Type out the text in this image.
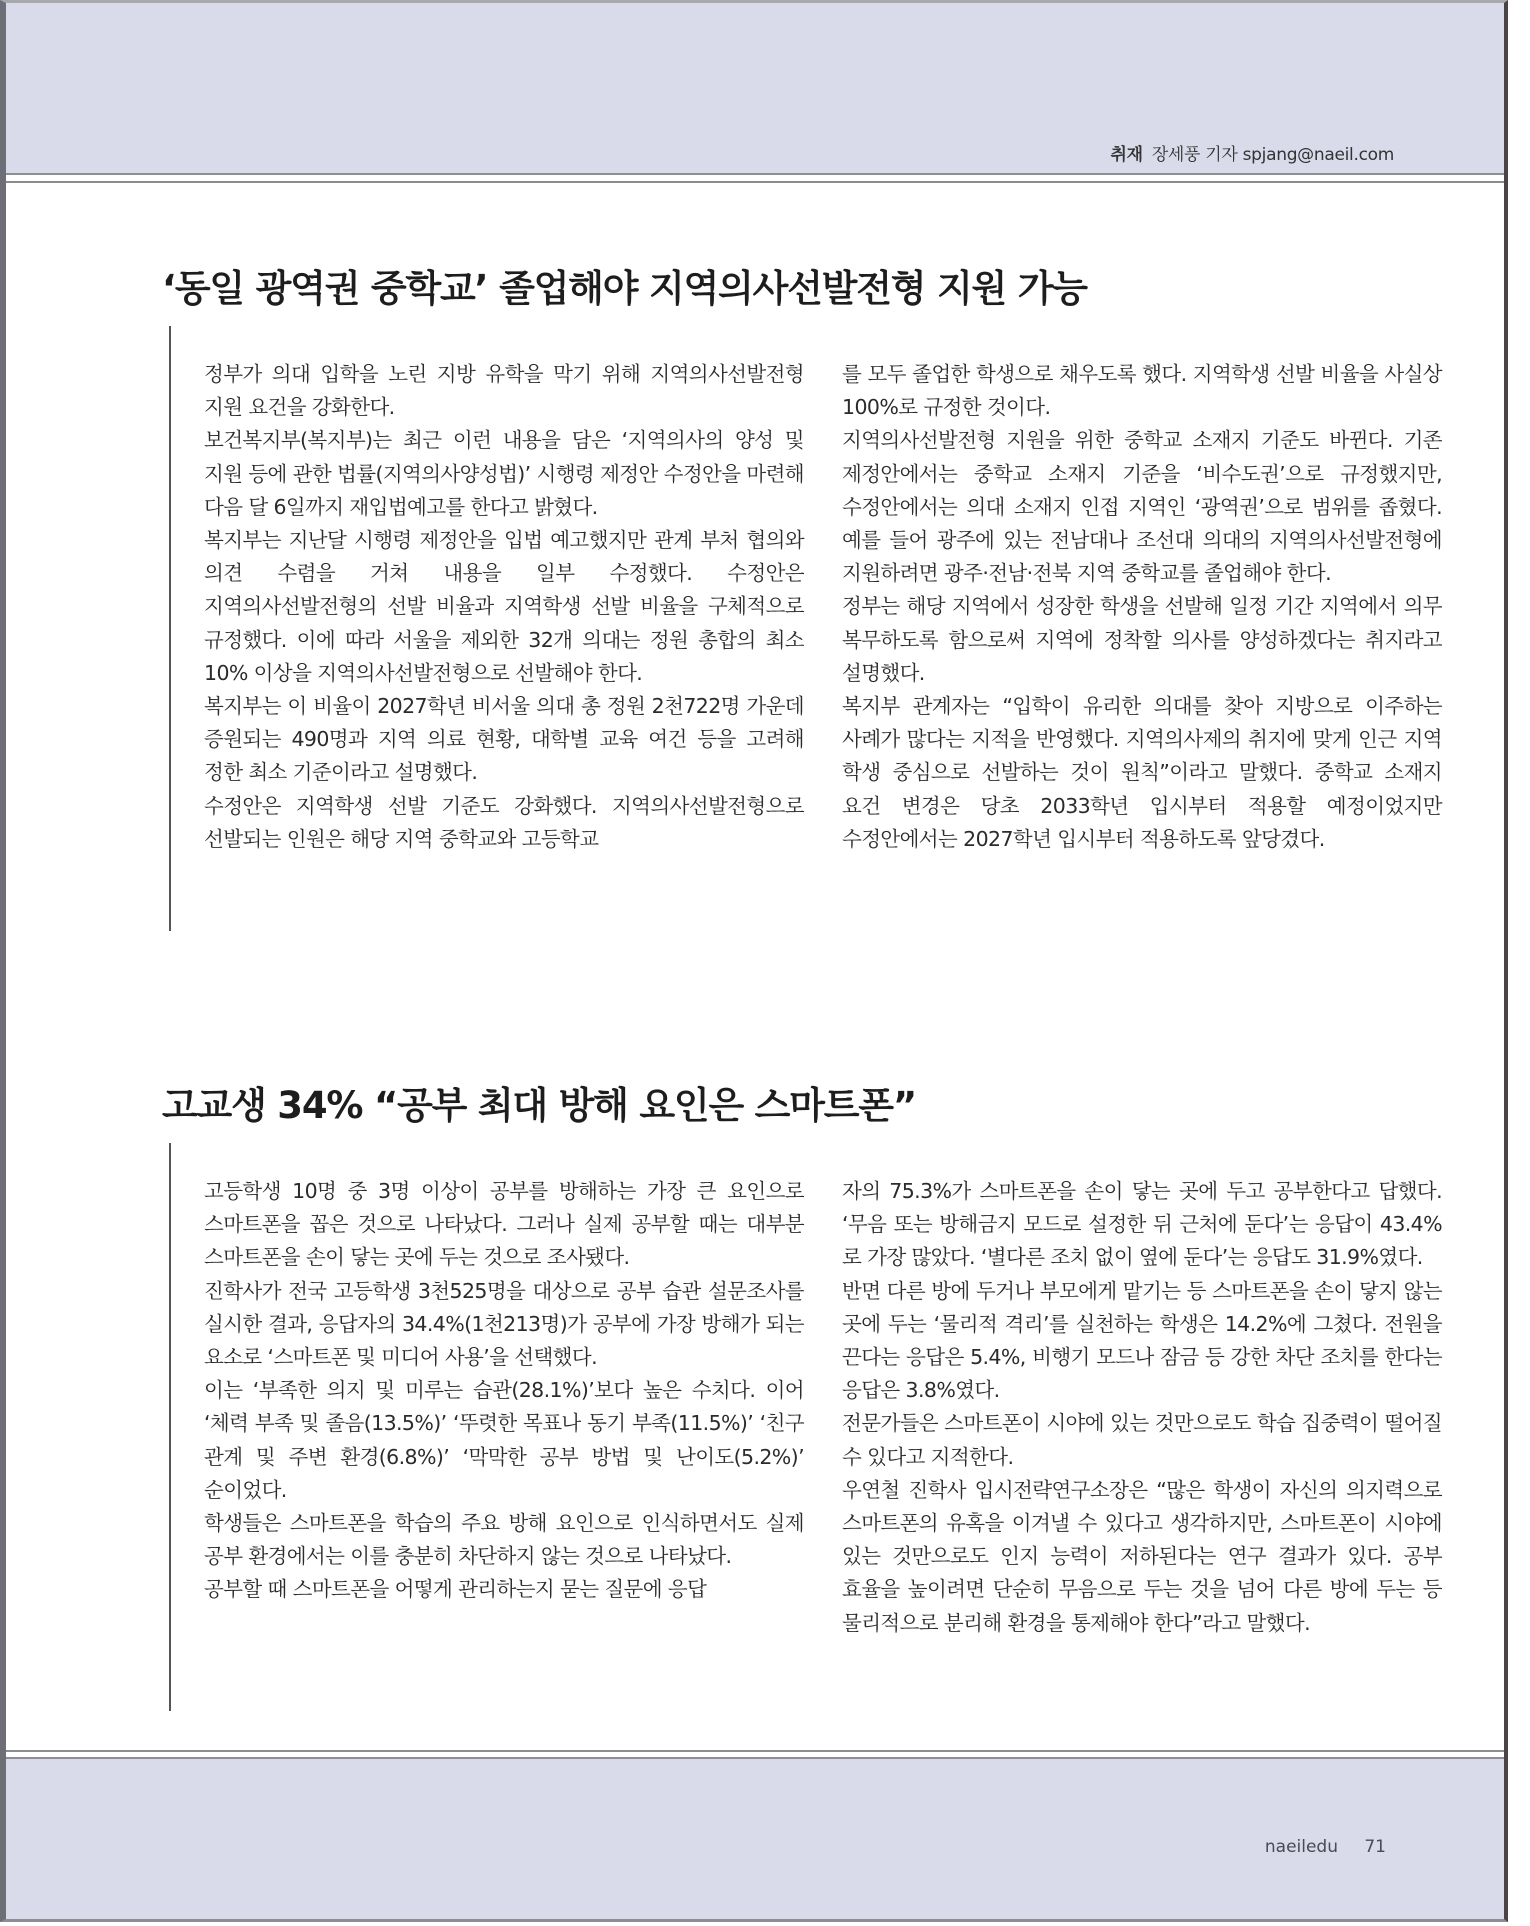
취재 장세풍 기자 spjang@naeil.com
‘동일 광역권 중학교’ 졸업해야 지역의사선발전형 지원 가능

정부가 의대 입학을 노린 지방 유학을 막기 위해 지역의사선발전형 지원 요건을 강화한다.

보건복지부(복지부)는 최근 이런 내용을 담은 ‘지역의사의 양성 및 지원 등에 관한 법률(지역의사양성법)’ 시행령 제정안 수정안을 마련해 다음 달 6일까지 재입법예고를 한다고 밝혔다.

복지부는 지난달 시행령 제정안을 입법 예고했지만 관계 부처 협의와 의견 수렴을 거쳐 내용을 일부 수정했다. 수정안은 지역의사선발전형의 선발 비율과 지역학생 선발 비율을 구체적으로 규정했다. 이에 따라 서울을 제외한 32개 의대는 정원 총합의 최소 10% 이상을 지역의사선발전형으로 선발해야 한다.

복지부는 이 비율이 2027학년 비서울 의대 총 정원 2천722명 가운데 증원되는 490명과 지역 의료 현황, 대학별 교육 여건 등을 고려해 정한 최소 기준이라고 설명했다.

수정안은 지역학생 선발 기준도 강화했다. 지역의사선발전형으로 선발되는 인원은 해당 지역 중학교와 고등학교

를 모두 졸업한 학생으로 채우도록 했다. 지역학생 선발 비율을 사실상 100%로 규정한 것이다.

지역의사선발전형 지원을 위한 중학교 소재지 기준도 바뀐다. 기존 제정안에서는 중학교 소재지 기준을 ‘비수도권’으로 규정했지만, 수정안에서는 의대 소재지 인접 지역인 ‘광역권’으로 범위를 좁혔다. 예를 들어 광주에 있는 전남대나 조선대 의대의 지역의사선발전형에 지원하려면 광주·전남·전북 지역 중학교를 졸업해야 한다.

정부는 해당 지역에서 성장한 학생을 선발해 일정 기간 지역에서 의무 복무하도록 함으로써 지역에 정착할 의사를 양성하겠다는 취지라고 설명했다.

복지부 관계자는 “입학이 유리한 의대를 찾아 지방으로 이주하는 사례가 많다는 지적을 반영했다. 지역의사제의 취지에 맞게 인근 지역 학생 중심으로 선발하는 것이 원칙”이라고 말했다. 중학교 소재지 요건 변경은 당초 2033학년 입시부터 적용할 예정이었지만 수정안에서는 2027학년 입시부터 적용하도록 앞당겼다.

고교생 34% “공부 최대 방해 요인은 스마트폰”

고등학생 10명 중 3명 이상이 공부를 방해하는 가장 큰 요인으로 스마트폰을 꼽은 것으로 나타났다. 그러나 실제 공부할 때는 대부분 스마트폰을 손이 닿는 곳에 두는 것으로 조사됐다.

진학사가 전국 고등학생 3천525명을 대상으로 공부 습관 설문조사를 실시한 결과, 응답자의 34.4%(1천213명)가 공부에 가장 방해가 되는 요소로 ‘스마트폰 및 미디어 사용’을 선택했다.

이는 ‘부족한 의지 및 미루는 습관(28.1%)’보다 높은 수치다. 이어 ‘체력 부족 및 졸음(13.5%)’ ‘뚜렷한 목표나 동기 부족(11.5%)’ ‘친구 관계 및 주변 환경(6.8%)’ ‘막막한 공부 방법 및 난이도(5.2%)’ 순이었다.

학생들은 스마트폰을 학습의 주요 방해 요인으로 인식하면서도 실제 공부 환경에서는 이를 충분히 차단하지 않는 것으로 나타났다.

공부할 때 스마트폰을 어떻게 관리하는지 묻는 질문에 응답

자의 75.3%가 스마트폰을 손이 닿는 곳에 두고 공부한다고 답했다. ‘무음 또는 방해금지 모드로 설정한 뒤 근처에 둔다’는 응답이 43.4%로 가장 많았다. ‘별다른 조치 없이 옆에 둔다’는 응답도 31.9%였다.

반면 다른 방에 두거나 부모에게 맡기는 등 스마트폰을 손이 닿지 않는 곳에 두는 ‘물리적 격리’를 실천하는 학생은 14.2%에 그쳤다. 전원을 끈다는 응답은 5.4%, 비행기 모드나 잠금 등 강한 차단 조치를 한다는 응답은 3.8%였다.

전문가들은 스마트폰이 시야에 있는 것만으로도 학습 집중력이 떨어질 수 있다고 지적한다.

우연철 진학사 입시전략연구소장은 “많은 학생이 자신의 의지력으로 스마트폰의 유혹을 이겨낼 수 있다고 생각하지만, 스마트폰이 시야에 있는 것만으로도 인지 능력이 저하된다는 연구 결과가 있다. 공부 효율을 높이려면 단순히 무음으로 두는 것을 넘어 다른 방에 두는 등 물리적으로 분리해 환경을 통제해야 한다”라고 말했다.

naeiledu 71
